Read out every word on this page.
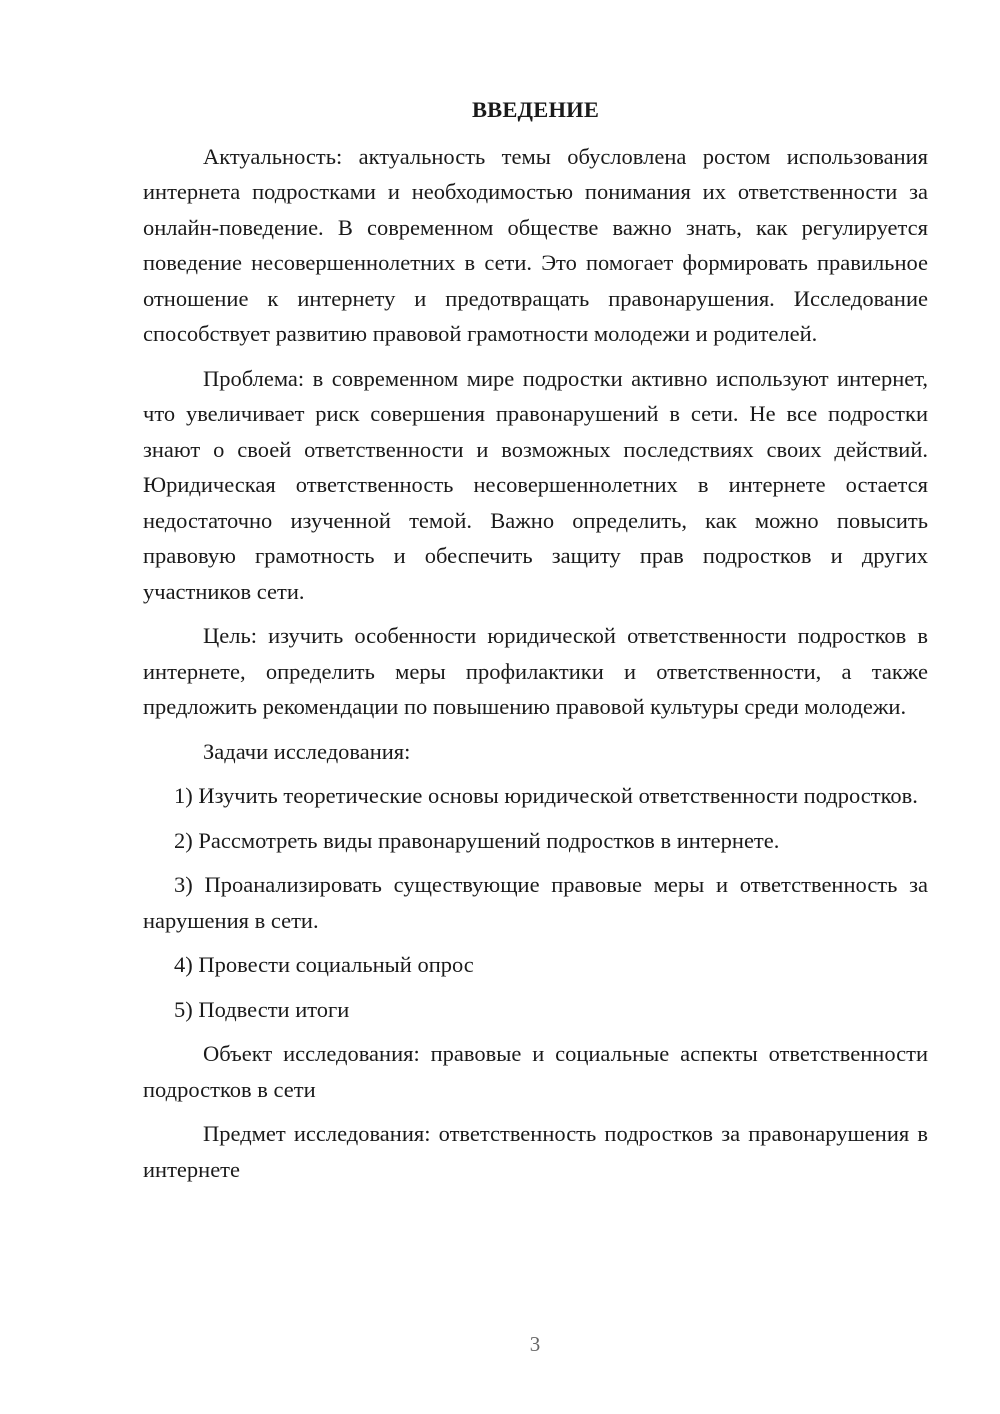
ВВЕДЕНИЕ

Актуальность: актуальность темы обусловлена ростом использования интернета подростками и необходимостью понимания их ответственности за онлайн-поведение. В современном обществе важно знать, как регулируется поведение несовершеннолетних в сети. Это помогает формировать правильное отношение к интернету и предотвращать правонарушения. Исследование способствует развитию правовой грамотности молодежи и родителей.

Проблема: в современном мире подростки активно используют интернет, что увеличивает риск совершения правонарушений в сети. Не все подростки знают о своей ответственности и возможных последствиях своих действий. Юридическая ответственность несовершеннолетних в интернете остается недостаточно изученной темой. Важно определить, как можно повысить правовую грамотность и обеспечить защиту прав подростков и других участников сети.

Цель: изучить особенности юридической ответственности подростков в интернете, определить меры профилактики и ответственности, а также предложить рекомендации по повышению правовой культуры среди молодежи.

Задачи исследования:

1) Изучить теоретические основы юридической ответственности подростков.

2) Рассмотреть виды правонарушений подростков в интернете.

3) Проанализировать существующие правовые меры и ответственность за нарушения в сети.

4) Провести социальный опрос

5) Подвести итоги

Объект исследования: правовые и социальные аспекты ответственности подростков в сети

Предмет исследования: ответственность подростков за правонарушения в интернете

3
